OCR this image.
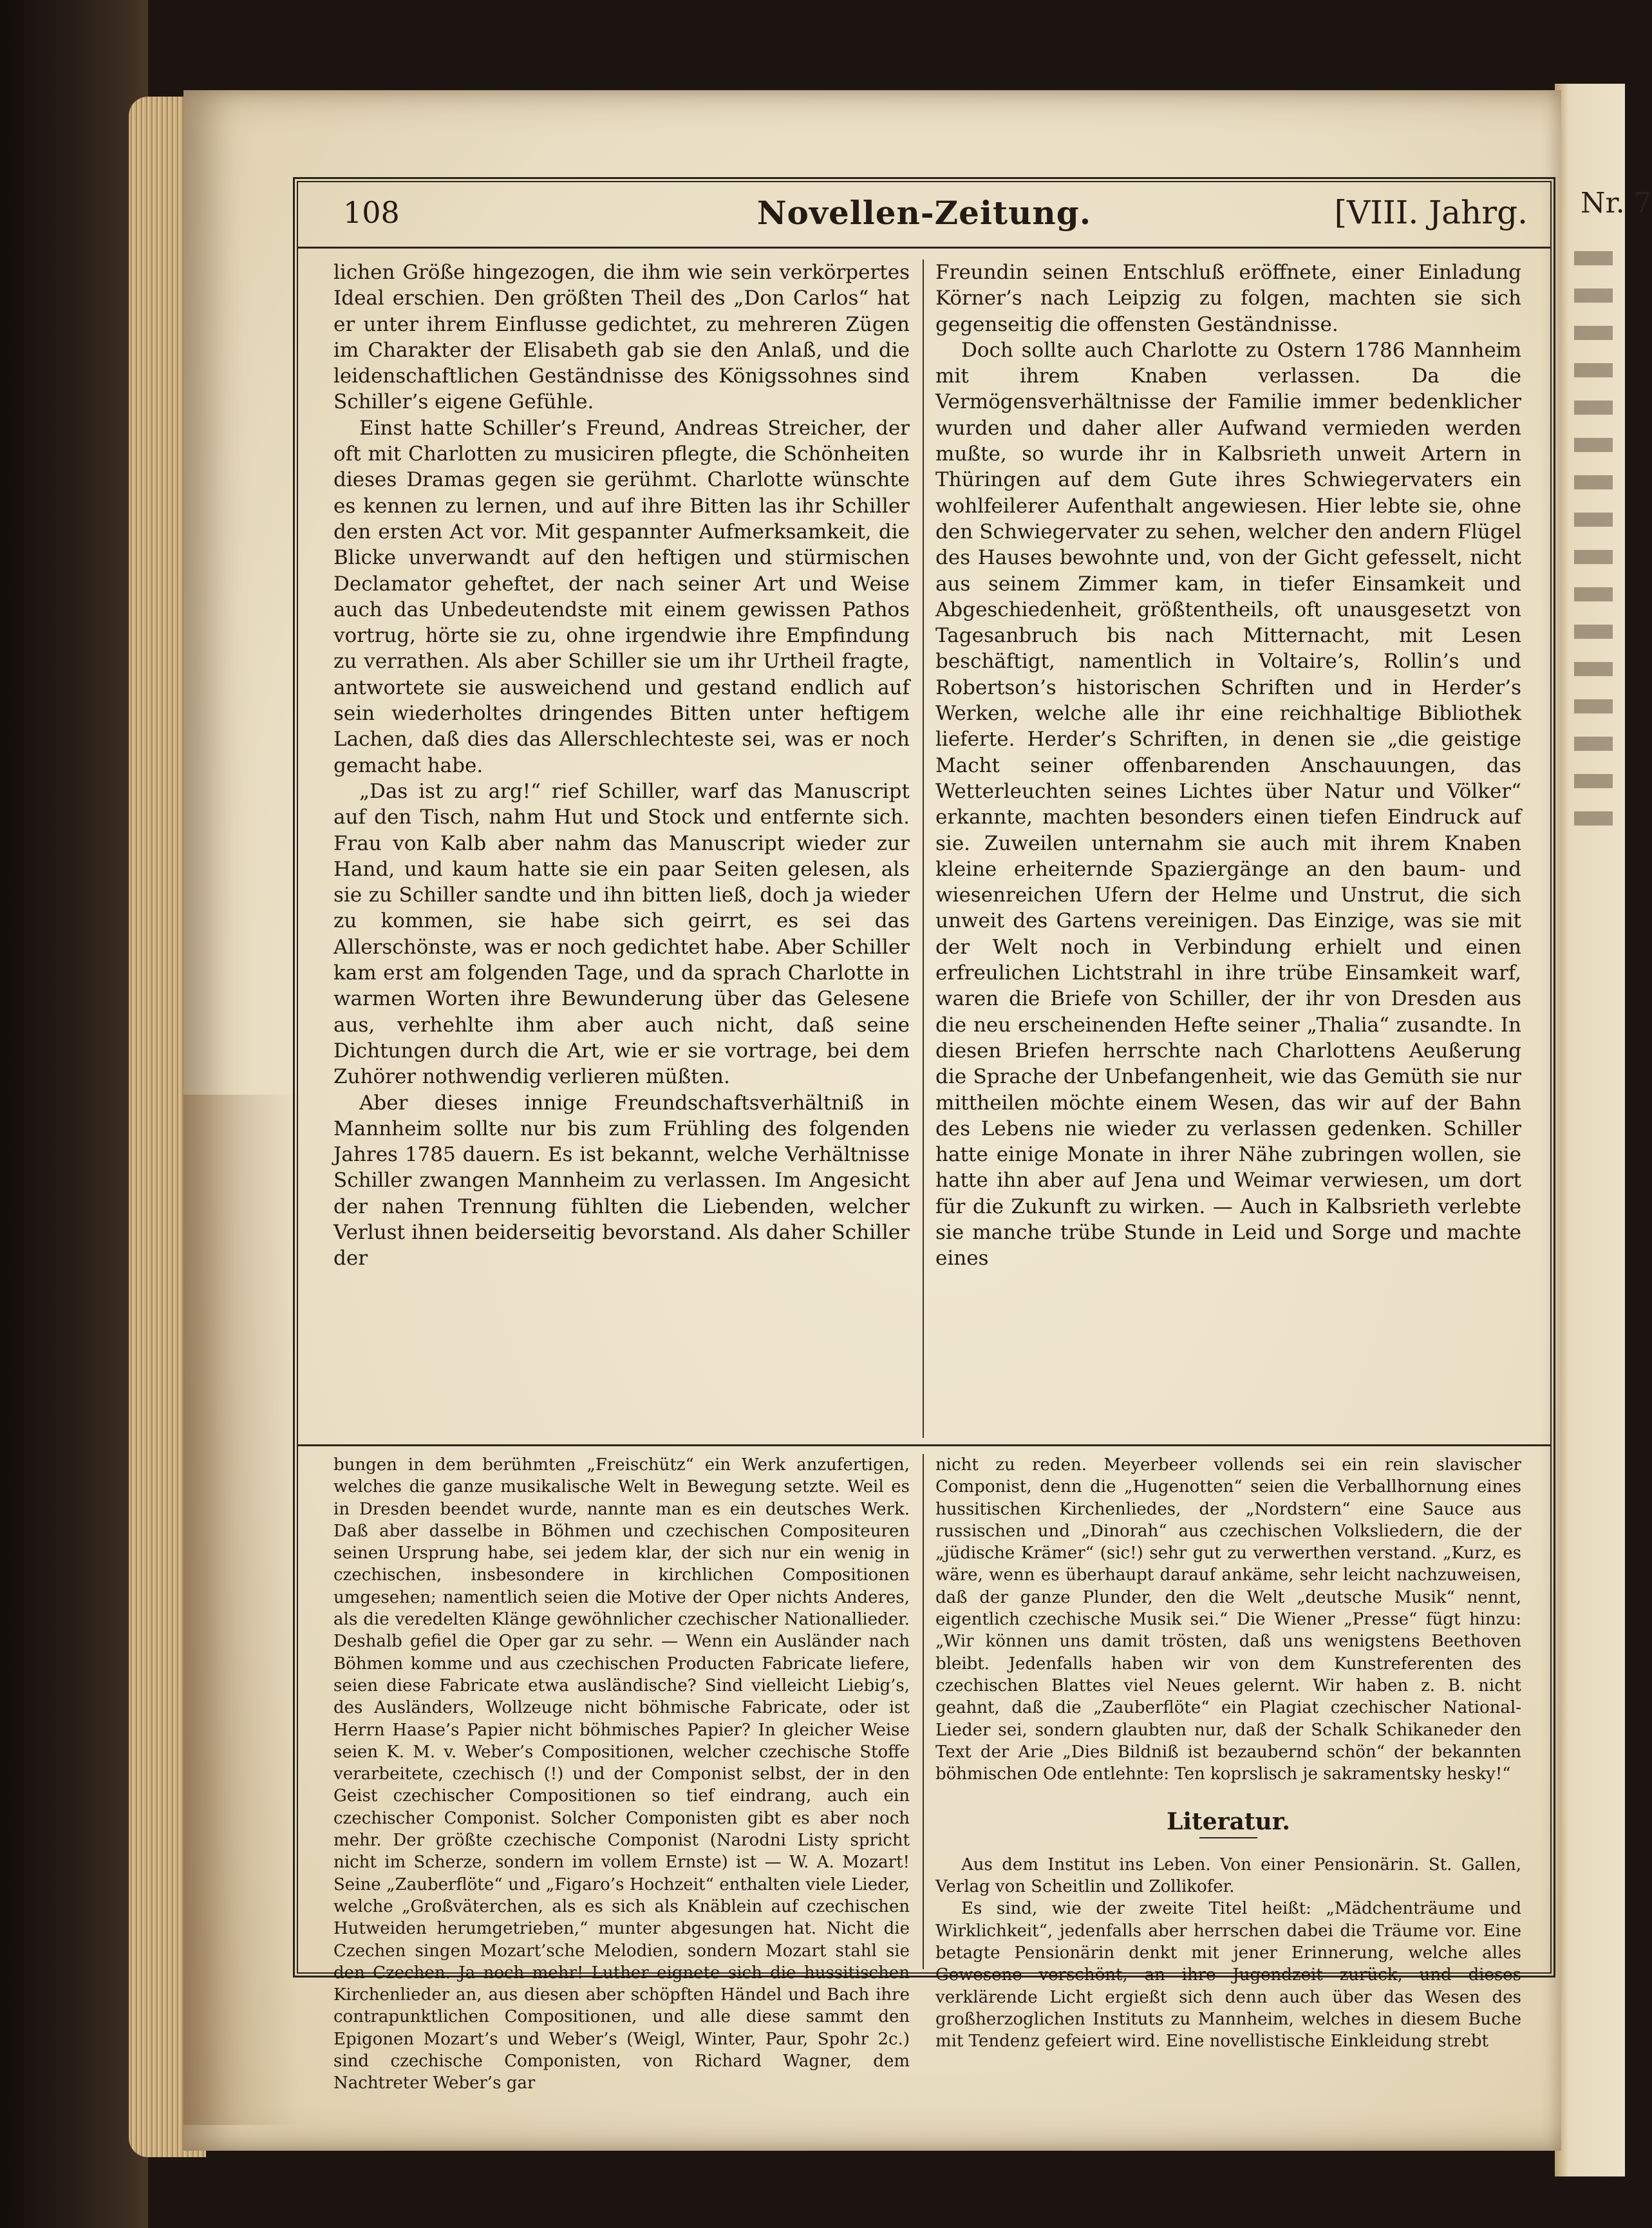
Nr. 7
108	Novellen-Zeitung.	[VIII. Jahrg.

lichen Größe hingezogen, die ihm wie sein verkörpertes Ideal erschien. Den größten Theil des „Don Carlos“ hat er unter ihrem Einflusse gedichtet, zu mehreren Zügen im Charakter der Elisabeth gab sie den Anlaß, und die leidenschaftlichen Geständnisse des Königssohnes sind Schiller’s eigene Gefühle.

Einst hatte Schiller’s Freund, Andreas Streicher, der oft mit Charlotten zu musiciren pflegte, die Schönheiten dieses Dramas gegen sie gerühmt. Charlotte wünschte es kennen zu lernen, und auf ihre Bitten las ihr Schiller den ersten Act vor. Mit gespannter Aufmerksamkeit, die Blicke unverwandt auf den heftigen und stürmischen Declamator geheftet, der nach seiner Art und Weise auch das Unbedeutendste mit einem gewissen Pathos vortrug, hörte sie zu, ohne irgendwie ihre Empfindung zu verrathen. Als aber Schiller sie um ihr Urtheil fragte, antwortete sie ausweichend und gestand endlich auf sein wiederholtes dringendes Bitten unter heftigem Lachen, daß dies das Allerschlechteste sei, was er noch gemacht habe.

„Das ist zu arg!“ rief Schiller, warf das Manuscript auf den Tisch, nahm Hut und Stock und entfernte sich. Frau von Kalb aber nahm das Manuscript wieder zur Hand, und kaum hatte sie ein paar Seiten gelesen, als sie zu Schiller sandte und ihn bitten ließ, doch ja wieder zu kommen, sie habe sich geirrt, es sei das Allerschönste, was er noch gedichtet habe. Aber Schiller kam erst am folgenden Tage, und da sprach Charlotte in warmen Worten ihre Bewunderung über das Gelesene aus, verhehlte ihm aber auch nicht, daß seine Dichtungen durch die Art, wie er sie vortrage, bei dem Zuhörer nothwendig verlieren müßten.

Aber dieses innige Freundschaftsverhältniß in Mannheim sollte nur bis zum Frühling des folgenden Jahres 1785 dauern. Es ist bekannt, welche Verhältnisse Schiller zwangen Mannheim zu verlassen. Im Angesicht der nahen Trennung fühlten die Liebenden, welcher Verlust ihnen beiderseitig bevorstand. Als daher Schiller der

Freundin seinen Entschluß eröffnete, einer Einladung Körner’s nach Leipzig zu folgen, machten sie sich gegenseitig die offensten Geständnisse.

Doch sollte auch Charlotte zu Ostern 1786 Mannheim mit ihrem Knaben verlassen. Da die Vermögensverhältnisse der Familie immer bedenklicher wurden und daher aller Aufwand vermieden werden mußte, so wurde ihr in Kalbsrieth unweit Artern in Thüringen auf dem Gute ihres Schwiegervaters ein wohlfeilerer Aufenthalt angewiesen. Hier lebte sie, ohne den Schwiegervater zu sehen, welcher den andern Flügel des Hauses bewohnte und, von der Gicht gefesselt, nicht aus seinem Zimmer kam, in tiefer Einsamkeit und Abgeschiedenheit, größtentheils, oft unausgesetzt von Tagesanbruch bis nach Mitternacht, mit Lesen beschäftigt, namentlich in Voltaire’s, Rollin’s und Robertson’s historischen Schriften und in Herder’s Werken, welche alle ihr eine reichhaltige Bibliothek lieferte. Herder’s Schriften, in denen sie „die geistige Macht seiner offenbarenden Anschauungen, das Wetterleuchten seines Lichtes über Natur und Völker“ erkannte, machten besonders einen tiefen Eindruck auf sie. Zuweilen unternahm sie auch mit ihrem Knaben kleine erheiternde Spaziergänge an den baum- und wiesenreichen Ufern der Helme und Unstrut, die sich unweit des Gartens vereinigen. Das Einzige, was sie mit der Welt noch in Verbindung erhielt und einen erfreulichen Lichtstrahl in ihre trübe Einsamkeit warf, waren die Briefe von Schiller, der ihr von Dresden aus die neu erscheinenden Hefte seiner „Thalia“ zusandte. In diesen Briefen herrschte nach Charlottens Aeußerung die Sprache der Unbefangenheit, wie das Gemüth sie nur mittheilen möchte einem Wesen, das wir auf der Bahn des Lebens nie wieder zu verlassen gedenken. Schiller hatte einige Monate in ihrer Nähe zubringen wollen, sie hatte ihn aber auf Jena und Weimar verwiesen, um dort für die Zukunft zu wirken. — Auch in Kalbsrieth verlebte sie manche trübe Stunde in Leid und Sorge und machte eines

bungen in dem berühmten „Freischütz“ ein Werk anzufertigen, welches die ganze musikalische Welt in Bewegung setzte. Weil es in Dresden beendet wurde, nannte man es ein deutsches Werk. Daß aber dasselbe in Böhmen und czechischen Compositeuren seinen Ursprung habe, sei jedem klar, der sich nur ein wenig in czechischen, insbesondere in kirchlichen Compositionen umgesehen; namentlich seien die Motive der Oper nichts Anderes, als die veredelten Klänge gewöhnlicher czechischer Nationallieder. Deshalb gefiel die Oper gar zu sehr. — Wenn ein Ausländer nach Böhmen komme und aus czechischen Producten Fabricate liefere, seien diese Fabricate etwa ausländische? Sind vielleicht Liebig’s, des Ausländers, Wollzeuge nicht böhmische Fabricate, oder ist Herrn Haase’s Papier nicht böhmisches Papier? In gleicher Weise seien K. M. v. Weber’s Compositionen, welcher czechische Stoffe verarbeitete, czechisch (!) und der Componist selbst, der in den Geist czechischer Compositionen so tief eindrang, auch ein czechischer Componist. Solcher Componisten gibt es aber noch mehr. Der größte czechische Componist (Narodni Listy spricht nicht im Scherze, sondern im vollem Ernste) ist — W. A. Mozart! Seine „Zauberflöte“ und „Figaro’s Hochzeit“ enthalten viele Lieder, welche „Großväterchen, als es sich als Knäblein auf czechischen Hutweiden herumgetrieben,“ munter abgesungen hat. Nicht die Czechen singen Mozart’sche Melodien, sondern Mozart stahl sie den Czechen. Ja noch mehr! Luther eignete sich die hussitischen Kirchenlieder an, aus diesen aber schöpften Händel und Bach ihre contrapunktlichen Compositionen, und alle diese sammt den Epigonen Mozart’s und Weber’s (Weigl, Winter, Paur, Spohr 2c.) sind czechische Componisten, von Richard Wagner, dem Nachtreter Weber’s gar

nicht zu reden. Meyerbeer vollends sei ein rein slavischer Componist, denn die „Hugenotten“ seien die Verballhornung eines hussitischen Kirchenliedes, der „Nordstern“ eine Sauce aus russischen und „Dinorah“ aus czechischen Volksliedern, die der „jüdische Krämer“ (sic!) sehr gut zu verwerthen verstand. „Kurz, es wäre, wenn es überhaupt darauf ankäme, sehr leicht nachzuweisen, daß der ganze Plunder, den die Welt „deutsche Musik“ nennt, eigentlich czechische Musik sei.“ Die Wiener „Presse“ fügt hinzu: „Wir können uns damit trösten, daß uns wenigstens Beethoven bleibt. Jedenfalls haben wir von dem Kunstreferenten des czechischen Blattes viel Neues gelernt. Wir haben z. B. nicht geahnt, daß die „Zauberflöte“ ein Plagiat czechischer National-Lieder sei, sondern glaubten nur, daß der Schalk Schikaneder den Text der Arie „Dies Bildniß ist bezaubernd schön“ der bekannten böhmischen Ode entlehnte: Ten koprslisch je sakramentsky hesky!“

Literatur.

Aus dem Institut ins Leben. Von einer Pensionärin. St. Gallen, Verlag von Scheitlin und Zollikofer.

Es sind, wie der zweite Titel heißt: „Mädchenträume und Wirklichkeit“, jedenfalls aber herrschen dabei die Träume vor. Eine betagte Pensionärin denkt mit jener Erinnerung, welche alles Gewesene verschönt, an ihre Jugendzeit zurück, und dieses verklärende Licht ergießt sich denn auch über das Wesen des großherzoglichen Instituts zu Mannheim, welches in diesem Buche mit Tendenz gefeiert wird. Eine novellistische Einkleidung strebt
